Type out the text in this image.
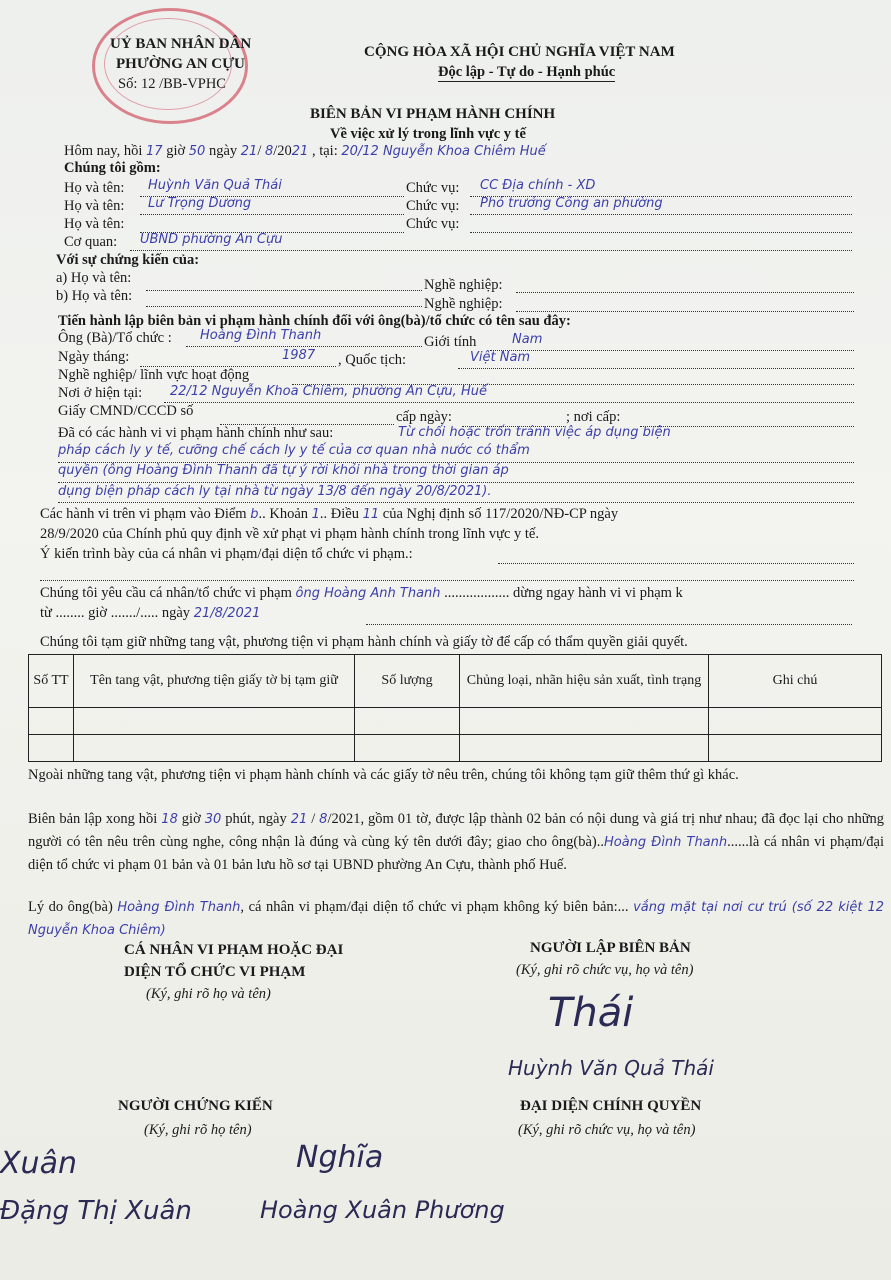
UỶ BAN NHÂN DÂN
PHƯỜNG AN CỰU
Số: 12 /BB-VPHC
CỘNG HÒA XÃ HỘI CHỦ NGHĨA VIỆT NAM
Độc lập - Tự do - Hạnh phúc
BIÊN BẢN VI PHẠM HÀNH CHÍNH
Về việc xử lý trong lĩnh vực y tế
Hôm nay, hồi 17 giờ 50 ngày 21/ 8/2021 , tại: 20/12 Nguyễn Khoa Chiêm Huế
Chúng tôi gồm:
Họ và tên: Huỳnh Văn Quả Thái	Chức vụ: CC Địa chính - XD
Họ và tên: Lư Trọng Dương	Chức vụ: Phó trưởng Công an phường
Họ và tên:	Chức vụ:
Cơ quan: UBND phường An Cựu
Với sự chứng kiến của:
a) Họ và tên:	Nghề nghiệp:
b) Họ và tên:	Nghề nghiệp:
Tiến hành lập biên bản vi phạm hành chính đối với ông(bà)/tổ chức có tên sau đây:
Ông (Bà)/Tổ chức : Hoàng Đình Thanh	Giới tính	Nam
Ngày tháng:	1987 , Quốc tịch:	Việt Nam
Nghề nghiệp/ lĩnh vực hoạt động
Nơi ở hiện tại: 22/12 Nguyễn Khoa Chiêm, phường An Cựu, Huế
Giấy CMND/CCCD số	cấp ngày:	; nơi cấp:
Đã có các hành vi vi phạm hành chính như sau:	Từ chối hoặc trốn tránh việc áp dụng biện
pháp cách ly y tế, cưỡng chế cách ly y tế của cơ quan nhà nước có thẩm
quyền (ông Hoàng Đình Thanh đã tự ý rời khỏi nhà trong thời gian áp
dụng biện pháp cách ly tại nhà từ ngày 13/8 đến ngày 20/8/2021).
Các hành vi trên vi phạm vào Điểm b.. Khoản 1.. Điều 11 của Nghị định số 117/2020/NĐ-CP ngày
28/9/2020 của Chính phủ quy định về xử phạt vi phạm hành chính trong lĩnh vực y tế.
Ý kiến trình bày của cá nhân vi phạm/đại diện tổ chức vi phạm.:
Chúng tôi yêu cầu cá nhân/tổ chức vi phạm ông Hoàng Anh Thanh .................. dừng ngay hành vi vi phạm k
từ ........ giờ ......./..... ngày 21/8/2021
Chúng tôi tạm giữ những tang vật, phương tiện vi phạm hành chính và giấy tờ để cấp có thẩm quyền giải quyết.
Số TT	Tên tang vật, phương tiện giấy tờ bị tạm giữ	Số lượng	Chủng loại, nhãn hiệu sản xuất, tình trạng	Ghi chú

Ngoài những tang vật, phương tiện vi phạm hành chính và các giấy tờ nêu trên, chúng tôi không tạm giữ thêm thứ gì khác.
Biên bản lập xong hồi 18 giờ 30 phút, ngày 21 / 8/2021, gồm 01 tờ, được lập thành 02 bản có nội dung và giá trị như nhau; đã đọc lại cho những người có tên nêu trên cùng nghe, công nhận là đúng và cùng ký tên dưới đây; giao cho ông(bà)..Hoàng Đình Thanh......là cá nhân vi phạm/đại diện tổ chức vi phạm 01 bản và 01 bản lưu hồ sơ tại UBND phường An Cựu, thành phố Huế.
Lý do ông(bà) Hoàng Đình Thanh, cá nhân vi phạm/đại diện tổ chức vi phạm không ký biên bản:... vắng mặt tại nơi cư trú (số 22 kiệt 12 Nguyễn Khoa Chiêm)
CÁ NHÂN VI PHẠM HOẶC ĐẠI
DIỆN TỔ CHỨC VI PHẠM
(Ký, ghi rõ họ và tên)
NGƯỜI LẬP BIÊN BẢN
(Ký, ghi rõ chức vụ, họ và tên)
Thái
Huỳnh Văn Quả Thái
NGƯỜI CHỨNG KIẾN
(Ký, ghi rõ họ tên)
ĐẠI DIỆN CHÍNH QUYỀN
(Ký, ghi rõ chức vụ, họ và tên)
Xuân
Đặng Thị Xuân
Nghĩa
Hoàng Xuân Phương
